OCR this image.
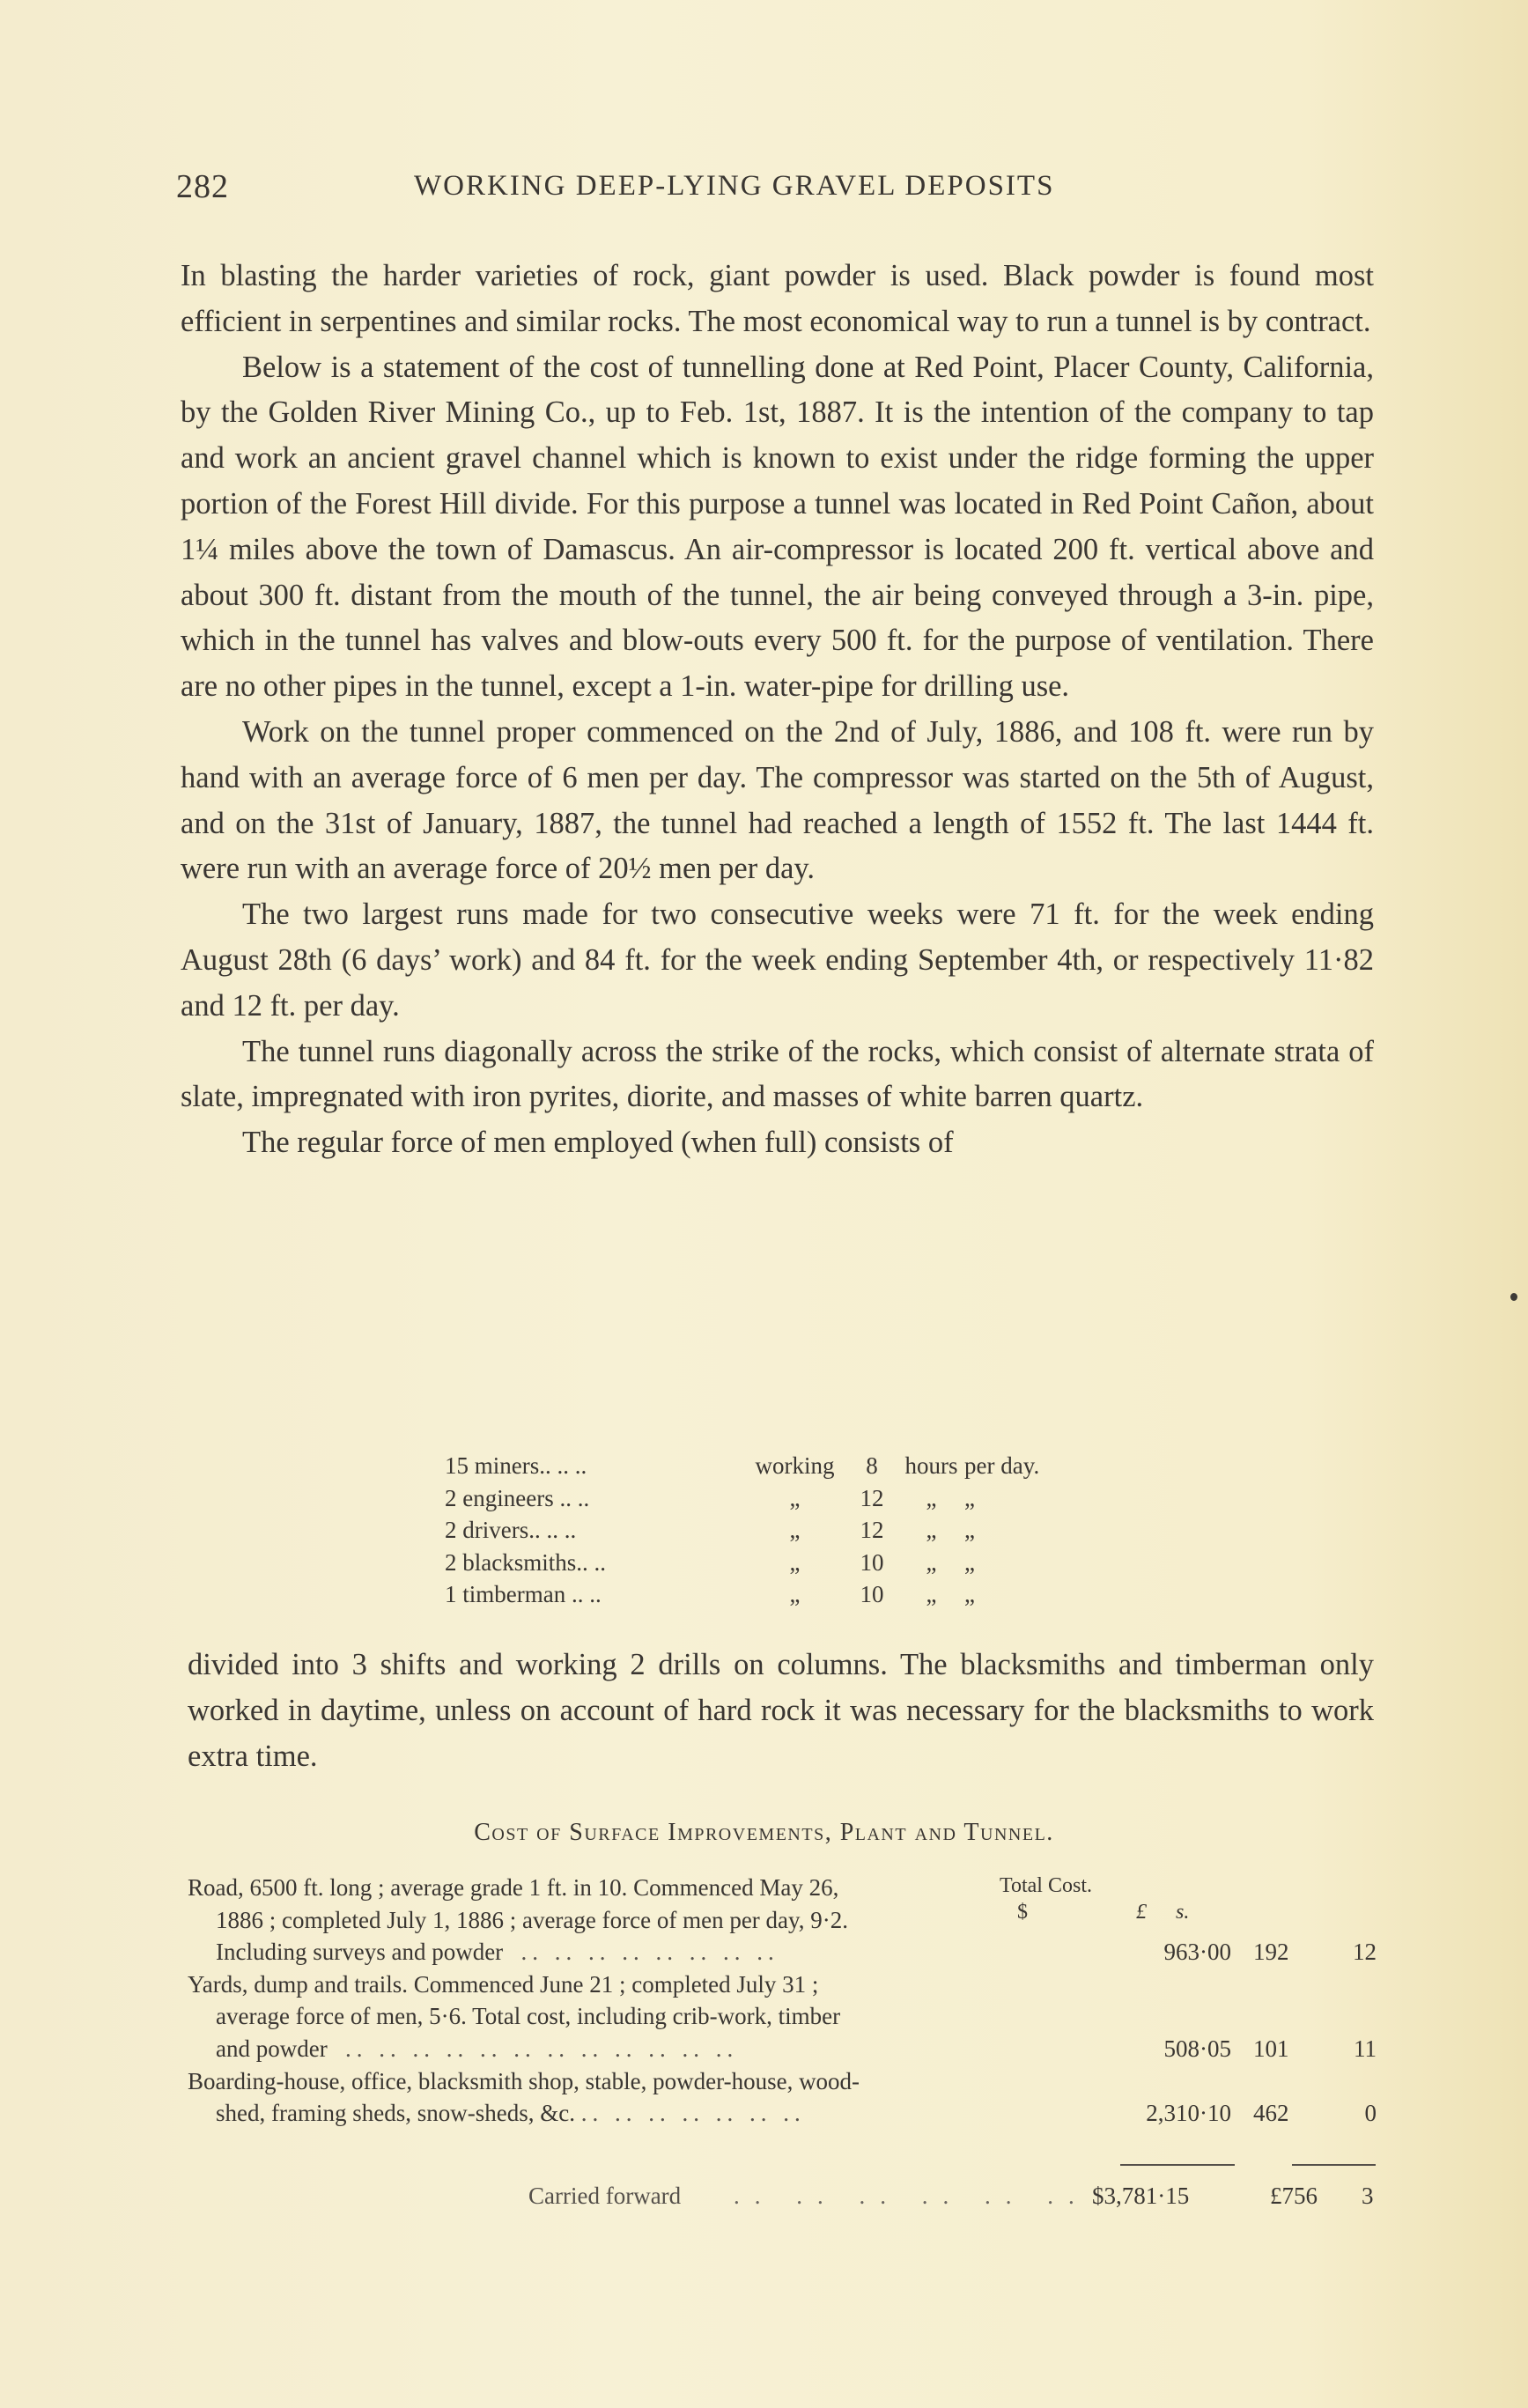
282	WORKING DEEP-LYING GRAVEL DEPOSITS

In blasting the harder varieties of rock, giant powder is used. Black powder is found most efficient in serpentines and similar rocks. The most economical way to run a tunnel is by contract.

Below is a statement of the cost of tunnelling done at Red Point, Placer County, California, by the Golden River Mining Co., up to Feb. 1st, 1887. It is the intention of the company to tap and work an ancient gravel channel which is known to exist under the ridge forming the upper portion of the Forest Hill divide. For this purpose a tunnel was located in Red Point Cañon, about 1¼ miles above the town of Damascus. An air-compressor is located 200 ft. vertical above and about 300 ft. distant from the mouth of the tunnel, the air being conveyed through a 3-in. pipe, which in the tunnel has valves and blow-outs every 500 ft. for the purpose of ventilation. There are no other pipes in the tunnel, except a 1-in. water-pipe for drilling use.

Work on the tunnel proper commenced on the 2nd of July, 1886, and 108 ft. were run by hand with an average force of 6 men per day. The compressor was started on the 5th of August, and on the 31st of January, 1887, the tunnel had reached a length of 1552 ft. The last 1444 ft. were run with an average force of 20½ men per day.

The two largest runs made for two consecutive weeks were 71 ft. for the week ending August 28th (6 days’ work) and 84 ft. for the week ending September 4th, or respectively 11·82 and 12 ft. per day.

The tunnel runs diagonally across the strike of the rocks, which consist of alternate strata of slate, impregnated with iron pyrites, diorite, and masses of white barren quartz.

The regular force of men employed (when full) consists of

15 miners.. .. ..	working	8	hours per day.
2 engineers .. ..	„	12	„	„
2 drivers.. .. ..	„	12	„	„
2 blacksmiths.. ..	„	10	„	„
1 timberman .. ..	„	10	„	„

divided into 3 shifts and working 2 drills on columns. The blacksmiths and timberman only worked in daytime, unless on account of hard rock it was necessary for the blacksmiths to work extra time.

Cost of Surface Improvements, Plant and Tunnel.
Total Cost.
$	£ s.
Road, 6500 ft. long ; average grade 1 ft. in 10. Commenced May 26,
1886 ; completed July 1, 1886 ; average force of men per day, 9·2.
Including surveys and powder .. .. .. .. .. .. .. ..	963·00 192	12
Yards, dump and trails. Commenced June 21 ; completed July 31 ;
average force of men, 5·6. Total cost, including crib-work, timber
and powder .. .. .. .. .. .. .. .. .. .. .. ..	508·05 101	11
Boarding-house, office, blacksmith shop, stable, powder-house, wood-
shed, framing sheds, snow-sheds, &c. .. .. .. .. .. .. ..	2,310·10 462	0
Carried forward .. .. .. .. .. .. $3,781·15	£756 3
